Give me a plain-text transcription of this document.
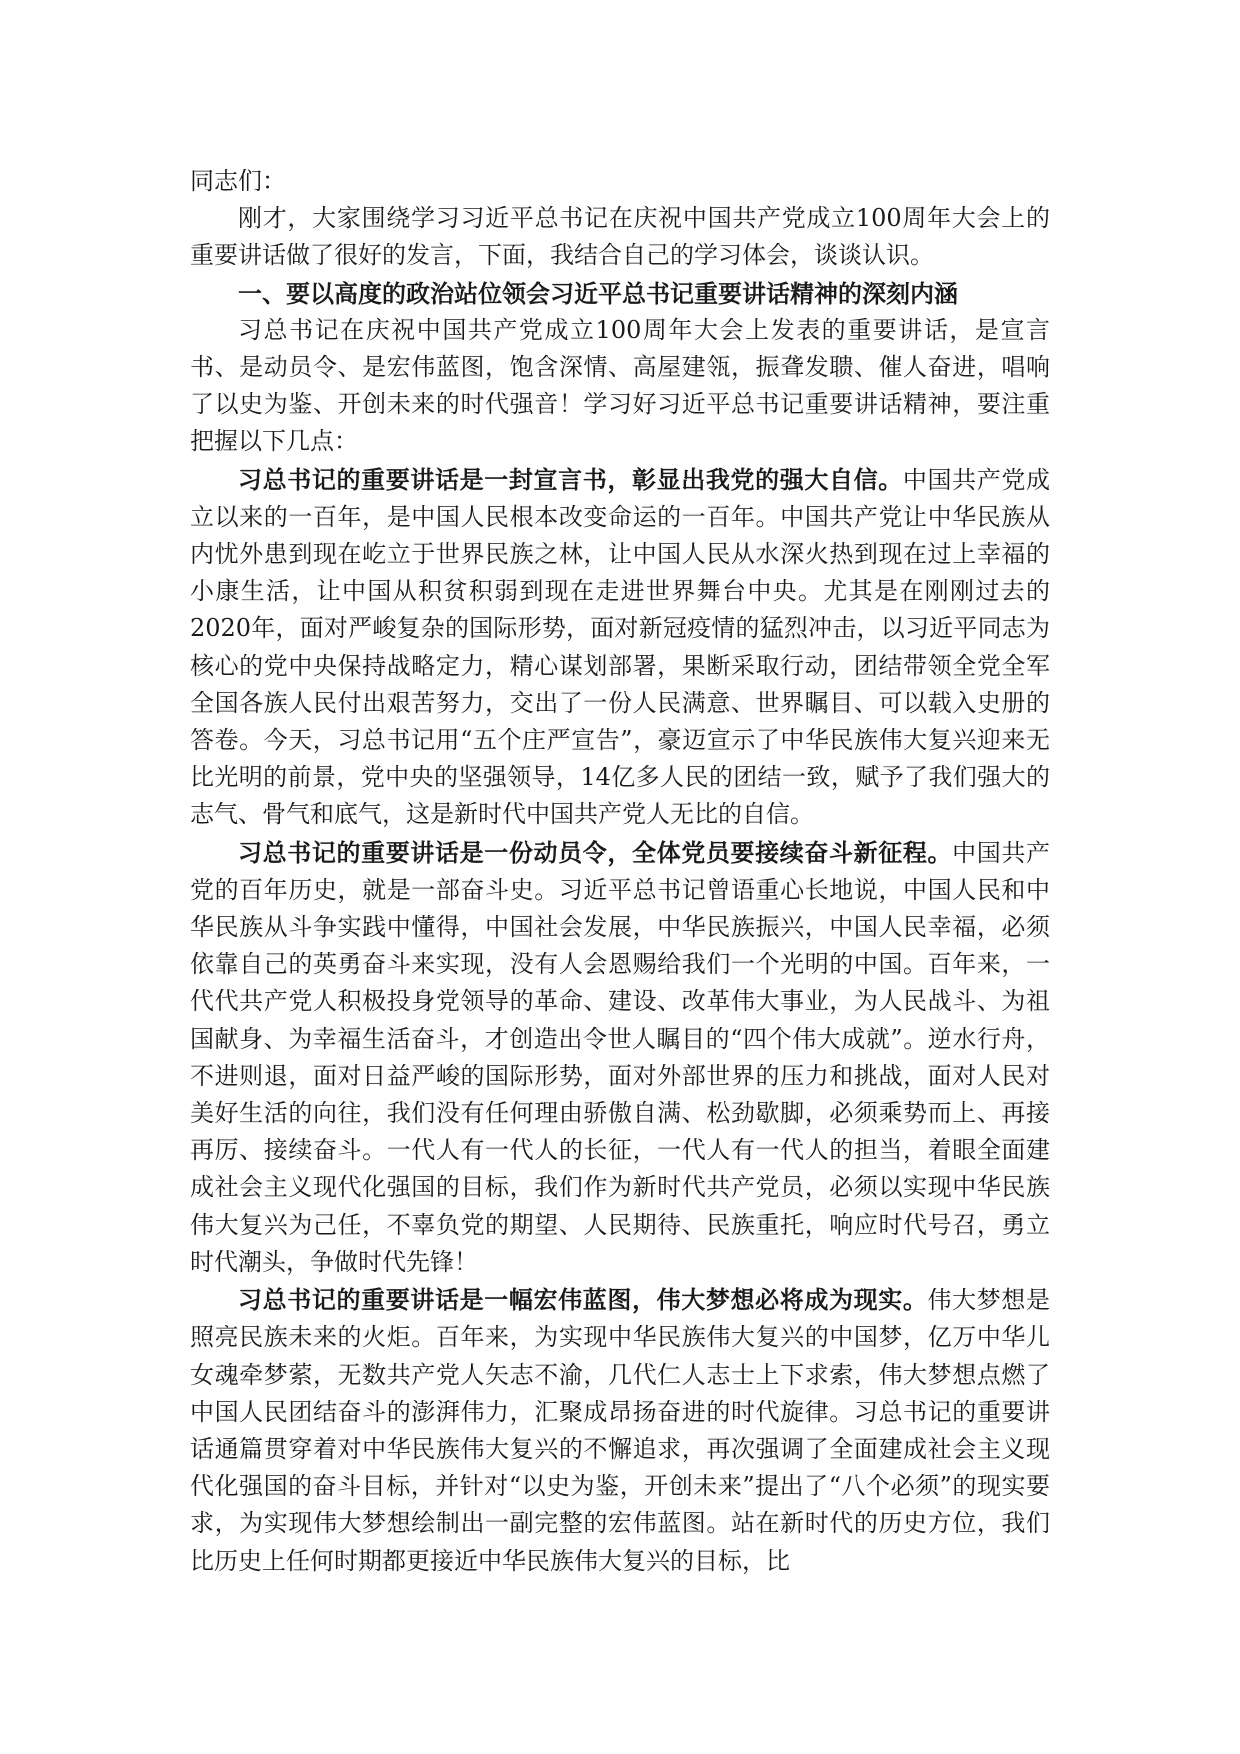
同志们：

刚才，大家围绕学习习近平总书记在庆祝中国共产党成立100周年大会上的重要讲话做了很好的发言，下面，我结合自己的学习体会，谈谈认识。

一、要以高度的政治站位领会习近平总书记重要讲话精神的深刻内涵

习总书记在庆祝中国共产党成立100周年大会上发表的重要讲话，是宣言书、是动员令、是宏伟蓝图，饱含深情、高屋建瓴，振聋发聩、催人奋进，唱响了以史为鉴、开创未来的时代强音！学习好习近平总书记重要讲话精神，要注重把握以下几点：

习总书记的重要讲话是一封宣言书，彰显出我党的强大自信。中国共产党成立以来的一百年，是中国人民根本改变命运的一百年。中国共产党让中华民族从内忧外患到现在屹立于世界民族之林，让中国人民从水深火热到现在过上幸福的小康生活，让中国从积贫积弱到现在走进世界舞台中央。尤其是在刚刚过去的2020年，面对严峻复杂的国际形势，面对新冠疫情的猛烈冲击，以习近平同志为核心的党中央保持战略定力，精心谋划部署，果断采取行动，团结带领全党全军全国各族人民付出艰苦努力，交出了一份人民满意、世界瞩目、可以载入史册的答卷。今天，习总书记用“五个庄严宣告”，豪迈宣示了中华民族伟大复兴迎来无比光明的前景，党中央的坚强领导，14亿多人民的团结一致，赋予了我们强大的志气、骨气和底气，这是新时代中国共产党人无比的自信。

习总书记的重要讲话是一份动员令，全体党员要接续奋斗新征程。中国共产党的百年历史，就是一部奋斗史。习近平总书记曾语重心长地说，中国人民和中华民族从斗争实践中懂得，中国社会发展，中华民族振兴，中国人民幸福，必须依靠自己的英勇奋斗来实现，没有人会恩赐给我们一个光明的中国。百年来，一代代共产党人积极投身党领导的革命、建设、改革伟大事业，为人民战斗、为祖国献身、为幸福生活奋斗，才创造出令世人瞩目的“四个伟大成就”。逆水行舟，不进则退，面对日益严峻的国际形势，面对外部世界的压力和挑战，面对人民对美好生活的向往，我们没有任何理由骄傲自满、松劲歇脚，必须乘势而上、再接再厉、接续奋斗。一代人有一代人的长征，一代人有一代人的担当，着眼全面建成社会主义现代化强国的目标，我们作为新时代共产党员，必须以实现中华民族伟大复兴为己任，不辜负党的期望、人民期待、民族重托，响应时代号召，勇立时代潮头，争做时代先锋！

习总书记的重要讲话是一幅宏伟蓝图，伟大梦想必将成为现实。伟大梦想是照亮民族未来的火炬。百年来，为实现中华民族伟大复兴的中国梦，亿万中华儿女魂牵梦萦，无数共产党人矢志不渝，几代仁人志士上下求索，伟大梦想点燃了中国人民团结奋斗的澎湃伟力，汇聚成昂扬奋进的时代旋律。习总书记的重要讲话通篇贯穿着对中华民族伟大复兴的不懈追求，再次强调了全面建成社会主义现代化强国的奋斗目标，并针对“以史为鉴，开创未来”提出了“八个必须”的现实要求，为实现伟大梦想绘制出一副完整的宏伟蓝图。站在新时代的历史方位，我们比历史上任何时期都更接近中华民族伟大复兴的目标，比
